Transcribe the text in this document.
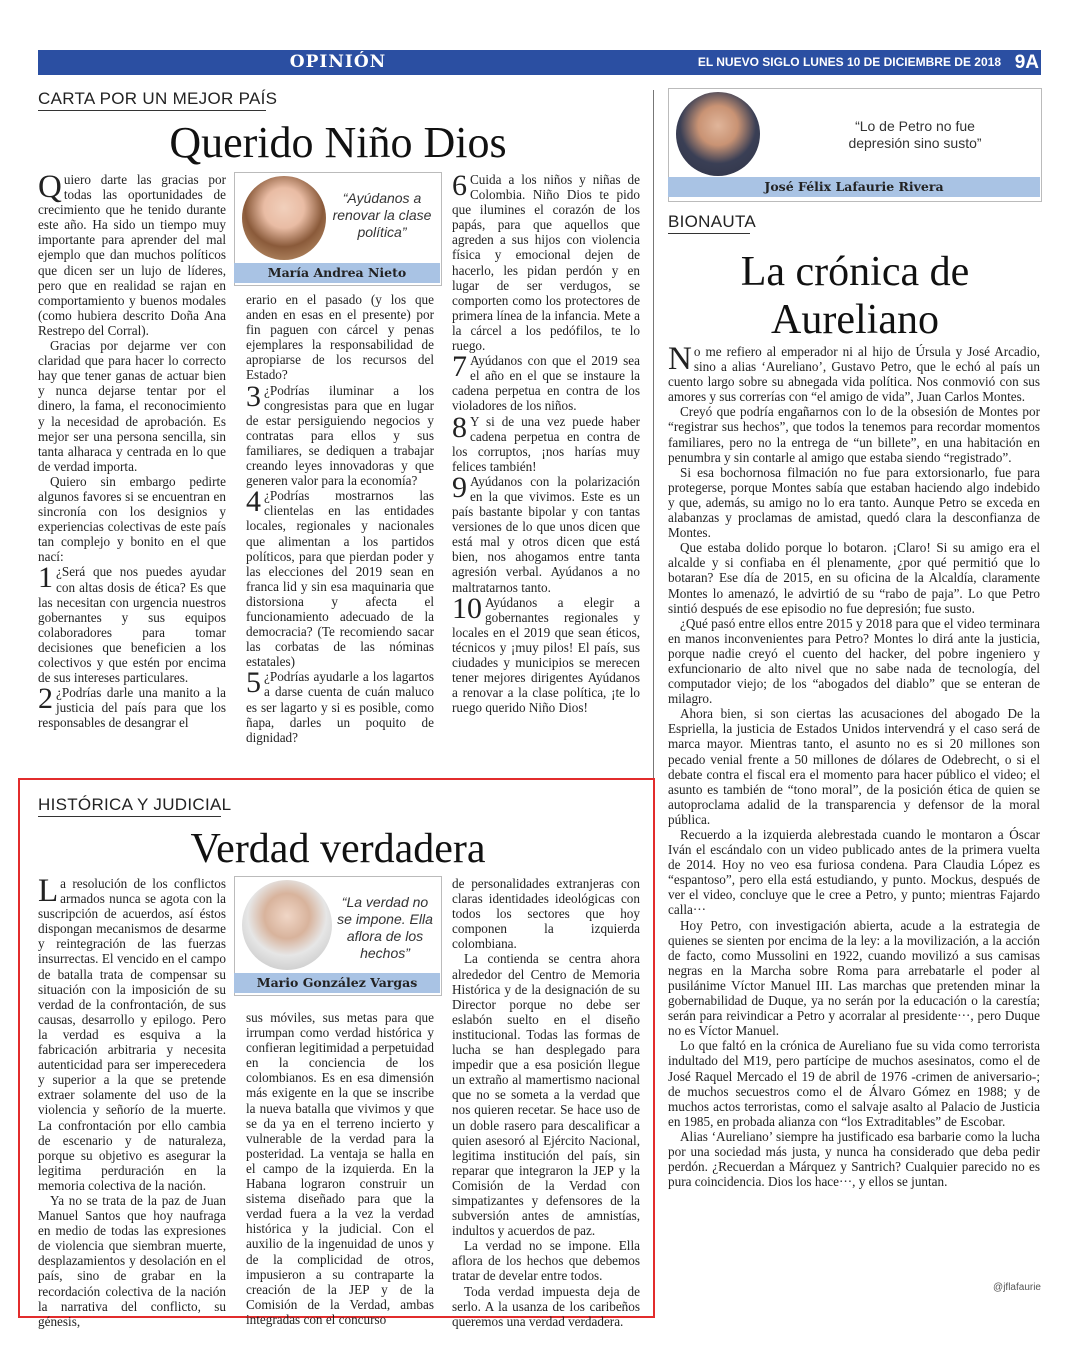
OPINIÓN	EL NUEVO SIGLO LUNES 10 DE DICIEMBRE DE 2018 9A
CARTA POR UN MEJOR PAÍS
Querido Niño Dios

Quiero darte las gracias por todas las oportunidades de crecimiento que he tenido durante este año. Ha sido un tiempo muy importante para aprender del mal ejemplo que dan muchos políticos que dicen ser un lujo de líderes, pero que en realidad se rajan en comportamiento y buenos modales (como hubiera descrito Doña Ana Restrepo del Corral).

Gracias por dejarme ver con claridad que para hacer lo correcto hay que tener ganas de actuar bien y nunca dejarse tentar por el dinero, la fama, el reconocimiento y la necesidad de aprobación. Es mejor ser una persona sencilla, sin tanta alharaca y centrada en lo que de verdad importa.

Quiero sin embargo pedirte algunos favores si se encuentran en sincronía con los designios y experiencias colectivas de este país tan complejo y bonito en el que nací:

1 ¿Será que nos puedes ayudar con altas dosis de ética? Es que las necesitan con urgencia nuestros gobernantes y sus equipos colaboradores para tomar decisiones que beneficien a los colectivos y que estén por encima de sus intereses particulares.

2 ¿Podrías darle una manito a la justicia del país para que los responsables de desangrar el

“Ayúdanos a renovar la clase política”
María Andrea Nieto

erario en el pasado (y los que anden en esas en el presente) por fin paguen con cárcel y penas ejemplares la responsabilidad de apropiarse de los recursos del Estado?

3 ¿Podrías iluminar a los congresistas para que en lugar de estar persiguiendo negocios y contratas para ellos y sus familiares, se dediquen a trabajar creando leyes innovadoras y que generen valor para la economía?

4 ¿Podrías mostrarnos las clientelas en las entidades locales, regionales y nacionales que alimentan a los partidos políticos, para que pierdan poder y las elecciones del 2019 sean en franca lid y sin esa maquinaria que distorsiona y afecta el funcionamiento adecuado de la democracia? (Te recomiendo sacar las corbatas de las nóminas estatales)

5 ¿Podrías ayudarle a los lagartos a darse cuenta de cuán maluco es ser lagarto y si es posible, como ñapa, darles un poquito de dignidad?

6 Cuida a los niños y niñas de Colombia. Niño Dios te pido que ilumines el corazón de los papás, para que aquellos que agreden a sus hijos con violencia física y emocional dejen de hacerlo, les pidan perdón y en lugar de ser verdugos, se comporten como los protectores de primera línea de la infancia. Mete a la cárcel a los pedófilos, te lo ruego.

7 Ayúdanos con que el 2019 sea el año en el que se instaure la cadena perpetua en contra de los violadores de los niños.

8 Y si de una vez puede haber cadena perpetua en contra de los corruptos, ¡nos harías muy felices también!

9 Ayúdanos con la polarización en la que vivimos. Este es un país bastante bipolar y con tantas versiones de lo que unos dicen que está mal y otros dicen que está bien, nos ahogamos entre tanta agresión verbal. Ayúdanos a no maltratarnos tanto.

10 Ayúdanos a elegir a gobernantes regionales y locales en el 2019 que sean éticos, técnicos y ¡muy pilos! El país, sus ciudades y municipios se merecen tener mejores dirigentes Ayúdanos a renovar a la clase política, ¡te lo ruego querido Niño Dios!

HISTÓRICA Y JUDICIAL
Verdad verdadera

La resolución de los conflictos armados nunca se agota con la suscripción de acuerdos, así éstos dispongan mecanismos de desarme y reintegración de las fuerzas insurrectas. El vencido en el campo de batalla trata de compensar su situación con la imposición de su verdad de la confrontación, de sus causas, desarrollo y epilogo. Pero la verdad es esquiva a la fabricación arbitraria y necesita autenticidad para ser imperecedera y superior a la que se pretende extraer solamente del uso de la violencia y señorío de la muerte. La confrontación por ello cambia de escenario y de naturaleza, porque su objetivo es asegurar la legitima perduración en la memoria colectiva de la nación.

Ya no se trata de la paz de Juan Manuel Santos que hoy naufraga en medio de todas las expresiones de violencia que siembran muerte, desplazamientos y desolación en el país, sino de grabar en la recordación colectiva de la nación la narrativa del conflicto, su génesis,

“La verdad no se impone. Ella aflora de los hechos”
Mario González Vargas

sus móviles, sus metas para que irrumpan como verdad histórica y confieran legitimidad a perpetuidad en la conciencia de los colombianos. Es en esa dimensión más exigente en la que se inscribe la nueva batalla que vivimos y que se da ya en el terreno incierto y vulnerable de la verdad para la posteridad. La ventaja se halla en el campo de la izquierda. En la Habana lograron construir un sistema diseñado para que la verdad fuera a la vez la verdad histórica y la judicial. Con el auxilio de la ingenuidad de unos y de la complicidad de otros, impusieron a su contraparte la creación de la JEP y de la Comisión de la Verdad, ambas integradas con el concurso

de personalidades extranjeras con claras identidades ideológicas con todos los sectores que hoy componen la izquierda colombiana.

La contienda se centra ahora alrededor del Centro de Memoria Histórica y de la designación de su Director porque no debe ser eslabón suelto en el diseño institucional. Todas las formas de lucha se han desplegado para impedir que a esa posición llegue un extraño al mamertismo nacional que no se someta a la verdad que nos quieren recetar. Se hace uso de un doble rasero para descalificar a quien asesoró al Ejército Nacional, legitima institución del país, sin reparar que integraron la JEP y la Comisión de la Verdad con simpatizantes y defensores de la subversión antes de amnistías, indultos y acuerdos de paz.

La verdad no se impone. Ella aflora de los hechos que debemos tratar de develar entre todos.

Toda verdad impuesta deja de serlo. A la usanza de los caribeños queremos una verdad verdadera.

“Lo de Petro no fue depresión sino susto”
José Félix Lafaurie Rivera
BIONAUTA
La crónica de Aureliano

No me refiero al emperador ni al hijo de Úrsula y José Arcadio, sino a alias ‘Aureliano’, Gustavo Petro, que le echó al país un cuento largo sobre su abnegada vida política. Nos conmovió con sus amores y sus correrías con “el amigo de vida”, Juan Carlos Montes.

Creyó que podría engañarnos con lo de la obsesión de Montes por “registrar sus hechos”, que todos la tenemos para recordar momentos familiares, pero no la entrega de “un billete”, en una habitación en penumbra y sin contarle al amigo que estaba siendo “registrado”.

Si esa bochornosa filmación no fue para extorsionarlo, fue para protegerse, porque Montes sabía que estaban haciendo algo indebido y que, además, su amigo no lo era tanto. Aunque Petro se exceda en alabanzas y proclamas de amistad, quedó clara la desconfianza de Montes.

Que estaba dolido porque lo botaron. ¡Claro! Si su amigo era el alcalde y si confiaba en él plenamente, ¿por qué permitió que lo botaran? Ese día de 2015, en su oficina de la Alcaldía, claramente Montes lo amenazó, le advirtió de su “rabo de paja”. Lo que Petro sintió después de ese episodio no fue depresión; fue susto.

¿Qué pasó entre ellos entre 2015 y 2018 para que el video terminara en manos inconvenientes para Petro? Montes lo dirá ante la justicia, porque nadie creyó el cuento del hacker, del pobre ingeniero y exfuncionario de alto nivel que no sabe nada de tecnología, del computador viejo; de los “abogados del diablo” que se enteran de milagro.

Ahora bien, si son ciertas las acusaciones del abogado De la Espriella, la justicia de Estados Unidos intervendrá y el caso será de marca mayor. Mientras tanto, el asunto no es si 20 millones son pecado venial frente a 50 millones de dólares de Odebrecht, o si el debate contra el fiscal era el momento para hacer público el video; el asunto es también de “tono moral”, de la posición ética de quien se autoproclama adalid de la transparencia y defensor de la moral pública.

Recuerdo a la izquierda alebrestada cuando le montaron a Óscar Iván el escándalo con un video publicado antes de la primera vuelta de 2014. Hoy no veo esa furiosa condena. Para Claudia López es “espantoso”, pero ella está estudiando, y punto. Mockus, después de ver el video, concluye que le cree a Petro, y punto; mientras Fajardo calla···

Hoy Petro, con investigación abierta, acude a la estrategia de quienes se sienten por encima de la ley: a la movilización, a la acción de facto, como Mussolini en 1922, cuando movilizó a sus camisas negras en la Marcha sobre Roma para arrebatarle el poder al pusilánime Víctor Manuel III. Las marchas que pretenden minar la gobernabilidad de Duque, ya no serán por la educación o la carestía; serán para reivindicar a Petro y acorralar al presidente···, pero Duque no es Víctor Manuel.

Lo que faltó en la crónica de Aureliano fue su vida como terrorista indultado del M19, pero partícipe de muchos asesinatos, como el de José Raquel Mercado el 19 de abril de 1976 -crimen de aniversario-; de muchos secuestros como el de Álvaro Gómez en 1988; y de muchos actos terroristas, como el salvaje asalto al Palacio de Justicia en 1985, en probada alianza con “los Extraditables” de Escobar.

Alias ‘Aureliano’ siempre ha justificado esa barbarie como la lucha por una sociedad más justa, y nunca ha considerado que deba pedir perdón. ¿Recuerdan a Márquez y Santrich? Cualquier parecido no es pura coincidencia. Dios los hace···, y ellos se juntan.

@jflafaurie
